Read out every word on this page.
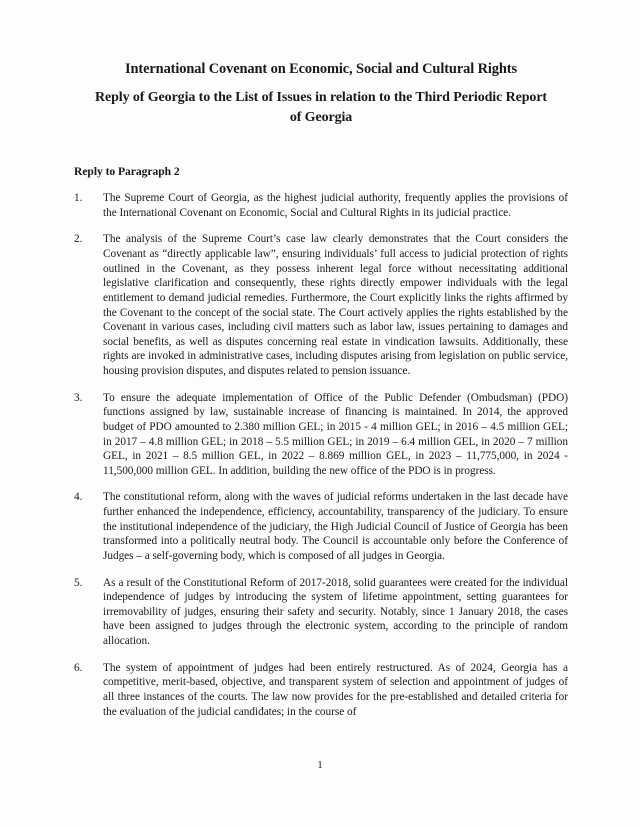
International Covenant on Economic, Social and Cultural Rights
Reply of Georgia to the List of Issues in relation to the Third Periodic Report of Georgia
Reply to Paragraph 2
1.	The Supreme Court of Georgia, as the highest judicial authority, frequently applies the provisions of the International Covenant on Economic, Social and Cultural Rights in its judicial practice.
2.	The analysis of the Supreme Court’s case law clearly demonstrates that the Court considers the Covenant as “directly applicable law”, ensuring individuals’ full access to judicial protection of rights outlined in the Covenant, as they possess inherent legal force without necessitating additional legislative clarification and consequently, these rights directly empower individuals with the legal entitlement to demand judicial remedies. Furthermore, the Court explicitly links the rights affirmed by the Covenant to the concept of the social state. The Court actively applies the rights established by the Covenant in various cases, including civil matters such as labor law, issues pertaining to damages and social benefits, as well as disputes concerning real estate in vindication lawsuits. Additionally, these rights are invoked in administrative cases, including disputes arising from legislation on public service, housing provision disputes, and disputes related to pension issuance.
3.	To ensure the adequate implementation of Office of the Public Defender (Ombudsman) (PDO) functions assigned by law, sustainable increase of financing is maintained. In 2014, the approved budget of PDO amounted to 2.380 million GEL; in 2015 - 4 million GEL; in 2016 – 4.5 million GEL; in 2017 – 4.8 million GEL; in 2018 – 5.5 million GEL; in 2019 – 6.4 million GEL, in 2020 – 7 million GEL, in 2021 – 8.5 million GEL, in 2022 – 8.869 million GEL, in 2023 – 11,775,000, in 2024 - 11,500,000 million GEL. In addition, building the new office of the PDO is in progress.
4.	The constitutional reform, along with the waves of judicial reforms undertaken in the last decade have further enhanced the independence, efficiency, accountability, transparency of the judiciary. To ensure the institutional independence of the judiciary, the High Judicial Council of Justice of Georgia has been transformed into a politically neutral body. The Council is accountable only before the Conference of Judges – a self-governing body, which is composed of all judges in Georgia.
5.	As a result of the Constitutional Reform of 2017-2018, solid guarantees were created for the individual independence of judges by introducing the system of lifetime appointment, setting guarantees for irremovability of judges, ensuring their safety and security. Notably, since 1 January 2018, the cases have been assigned to judges through the electronic system, according to the principle of random allocation.
6.	The system of appointment of judges had been entirely restructured. As of 2024, Georgia has a competitive, merit-based, objective, and transparent system of selection and appointment of judges of all three instances of the courts. The law now provides for the pre-established and detailed criteria for the evaluation of the judicial candidates; in the course of
1
